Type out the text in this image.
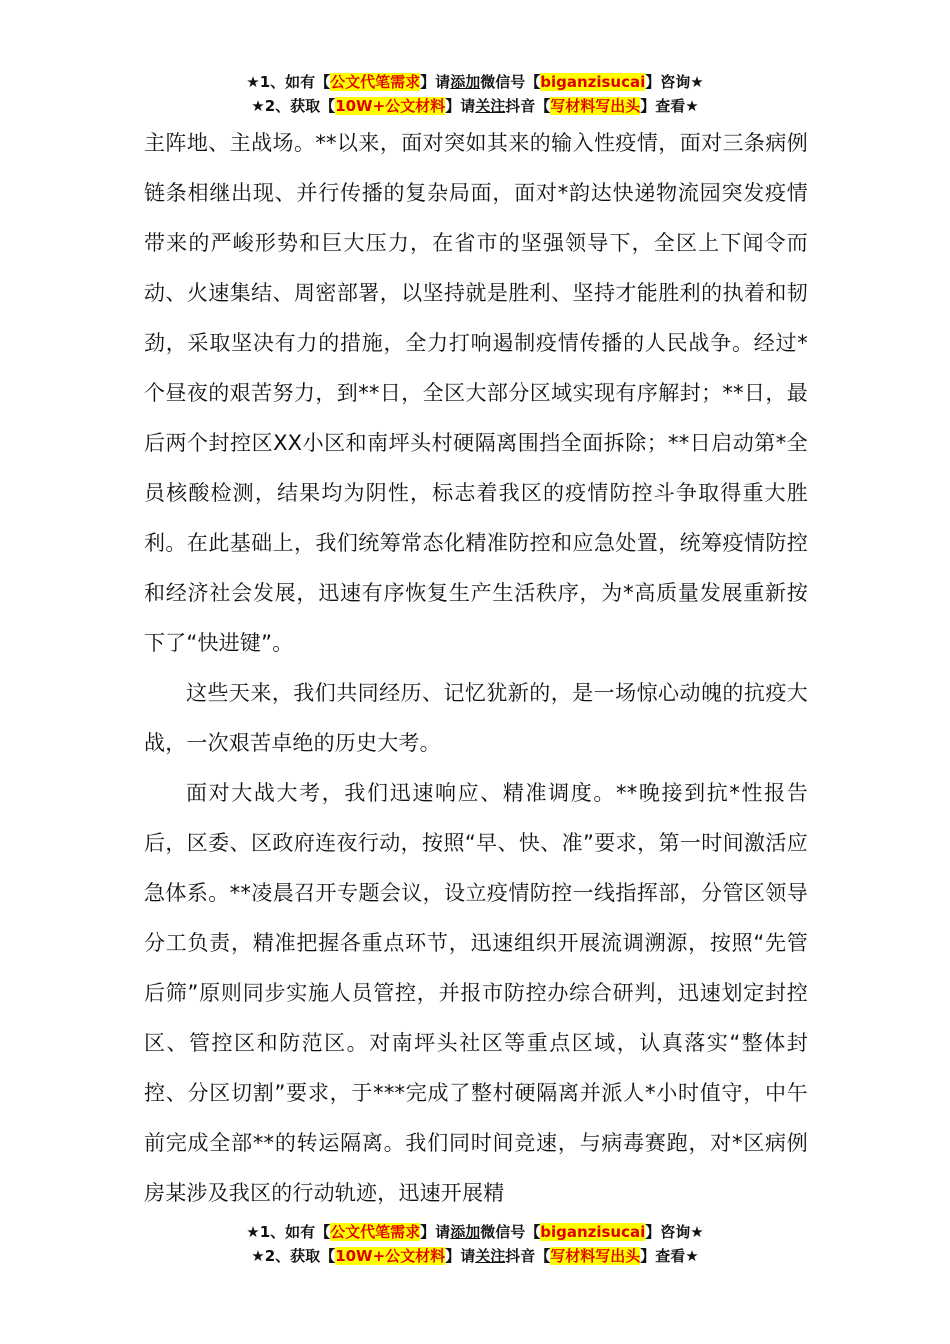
★1、如有【公文代笔需求】请添加微信号【biganzisucai】咨询★
★2、获取【10W+公文材料】请关注抖音【写材料写出头】查看★

主阵地、主战场。**以来，面对突如其来的输入性疫情，面对三条病例链条相继出现、并行传播的复杂局面，面对*韵达快递物流园突发疫情带来的严峻形势和巨大压力，在省市的坚强领导下，全区上下闻令而动、火速集结、周密部署，以坚持就是胜利、坚持才能胜利的执着和韧劲，采取坚决有力的措施，全力打响遏制疫情传播的人民战争。经过*个昼夜的艰苦努力，到**日，全区大部分区域实现有序解封；**日，最后两个封控区XX小区和南坪头村硬隔离围挡全面拆除；**日启动第*全员核酸检测，结果均为阴性，标志着我区的疫情防控斗争取得重大胜利。在此基础上，我们统筹常态化精准防控和应急处置，统筹疫情防控和经济社会发展，迅速有序恢复生产生活秩序，为*高质量发展重新按下了“快进键”。

这些天来，我们共同经历、记忆犹新的，是一场惊心动魄的抗疫大战，一次艰苦卓绝的历史大考。

面对大战大考，我们迅速响应、精准调度。**晚接到抗*性报告后，区委、区政府连夜行动，按照“早、快、准”要求，第一时间激活应急体系。**凌晨召开专题会议，设立疫情防控一线指挥部，分管区领导分工负责，精准把握各重点环节，迅速组织开展流调溯源，按照“先管后筛”原则同步实施人员管控，并报市防控办综合研判，迅速划定封控区、管控区和防范区。对南坪头社区等重点区域，认真落实“整体封控、分区切割”要求，于***完成了整村硬隔离并派人*小时值守，中午前完成全部**的转运隔离。我们同时间竞速，与病毒赛跑，对*区病例房某涉及我区的行动轨迹，迅速开展精

★1、如有【公文代笔需求】请添加微信号【biganzisucai】咨询★
★2、获取【10W+公文材料】请关注抖音【写材料写出头】查看★
